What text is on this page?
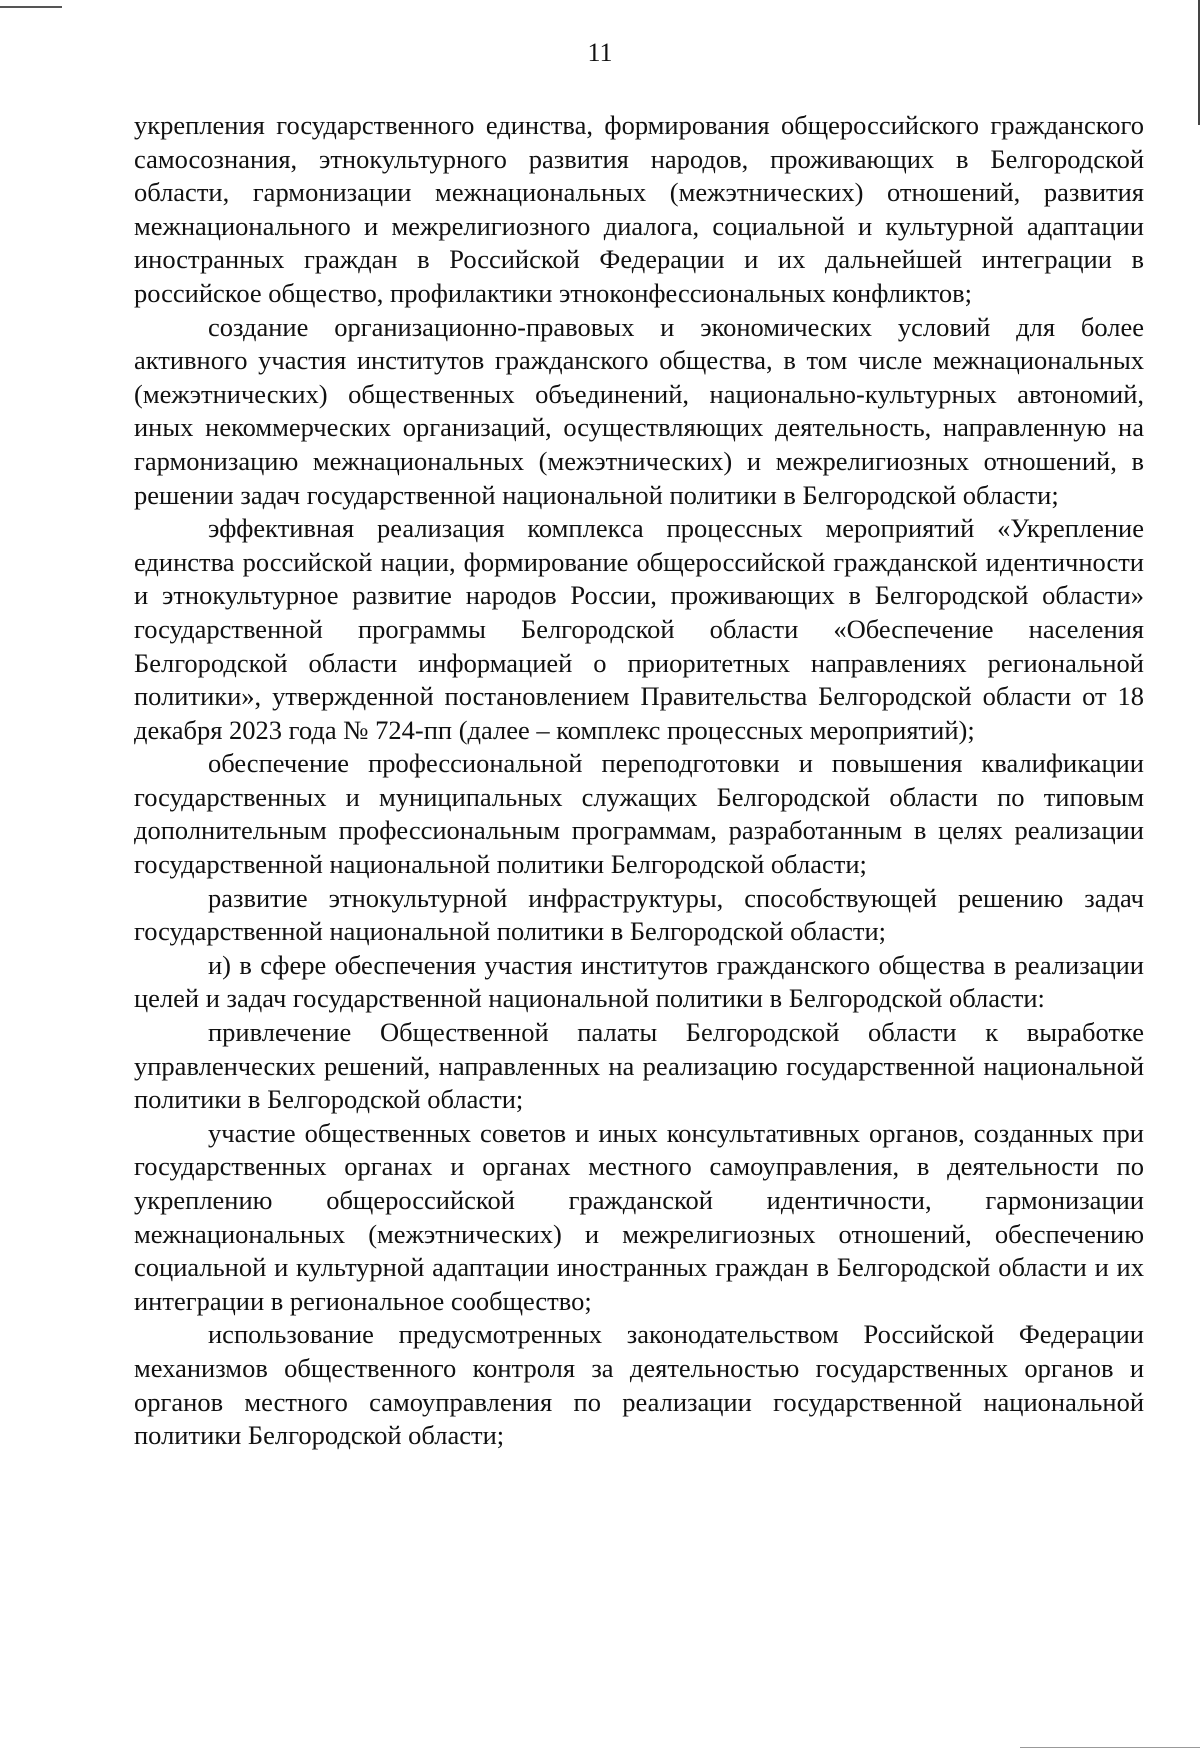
11

укрепления государственного единства, формирования общероссийского гражданского самосознания, этнокультурного развития народов, проживающих в Белгородской области, гармонизации межнациональных (межэтнических) отношений, развития межнационального и межрелигиозного диалога, социальной и культурной адаптации иностранных граждан в Российской Федерации и их дальнейшей интеграции в российское общество, профилактики этноконфессиональных конфликтов;

создание организационно-правовых и экономических условий для более активного участия институтов гражданского общества, в том числе межнациональных (межэтнических) общественных объединений, национально-культурных автономий, иных некоммерческих организаций, осуществляющих деятельность, направленную на гармонизацию межнациональных (межэтнических) и межрелигиозных отношений, в решении задач государственной национальной политики в Белгородской области;

эффективная реализация комплекса процессных мероприятий «Укрепление единства российской нации, формирование общероссийской гражданской идентичности и этнокультурное развитие народов России, проживающих в Белгородской области» государственной программы Белгородской области «Обеспечение населения Белгородской области информацией о приоритетных направлениях региональной политики», утвержденной постановлением Правительства Белгородской области от 18 декабря 2023 года № 724-пп (далее – комплекс процессных мероприятий);

обеспечение профессиональной переподготовки и повышения квалификации государственных и муниципальных служащих Белгородской области по типовым дополнительным профессиональным программам, разработанным в целях реализации государственной национальной политики Белгородской области;

развитие этнокультурной инфраструктуры, способствующей решению задач государственной национальной политики в Белгородской области;

и) в сфере обеспечения участия институтов гражданского общества в реализации целей и задач государственной национальной политики в Белгородской области:

привлечение Общественной палаты Белгородской области к выработке управленческих решений, направленных на реализацию государственной национальной политики в Белгородской области;

участие общественных советов и иных консультативных органов, созданных при государственных органах и органах местного самоуправления, в деятельности по укреплению общероссийской гражданской идентичности, гармонизации межнациональных (межэтнических) и межрелигиозных отношений, обеспечению социальной и культурной адаптации иностранных граждан в Белгородской области и их интеграции в региональное сообщество;

использование предусмотренных законодательством Российской Федерации механизмов общественного контроля за деятельностью государственных органов и органов местного самоуправления по реализации государственной национальной политики Белгородской области;
